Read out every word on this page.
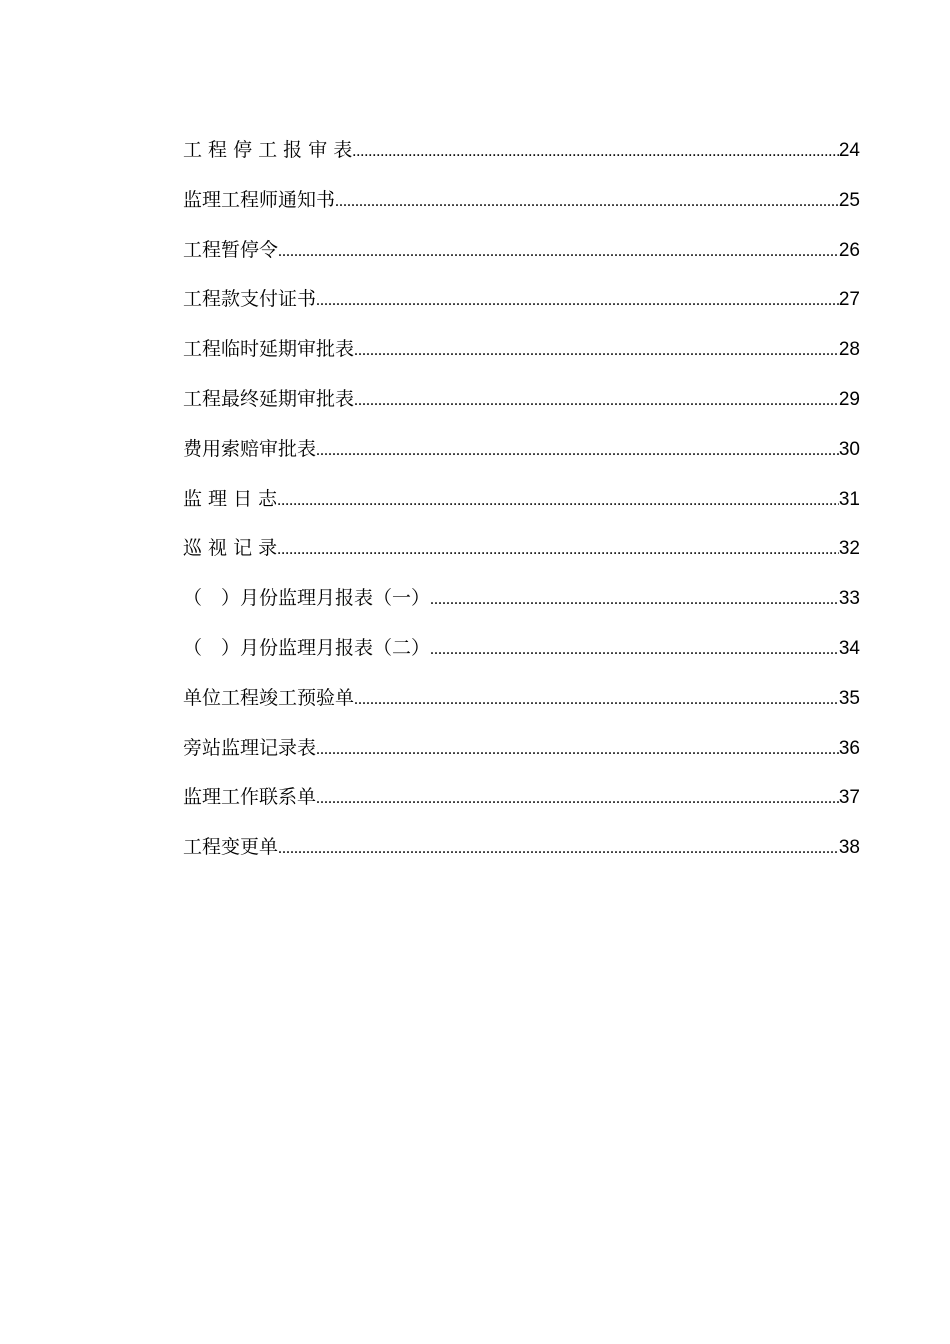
工 程 停 工 报 审 表 .....	24
监理工程师通知书 .....	25
工程暂停令 .....	26
工程款支付证书 .....	27
工程临时延期审批表 .....	28
工程最终延期审批表 .....	29
费用索赔审批表 .....	30
监 理 日 志 .....	31
巡 视 记 录 .....	32
（　）月份监理月报表（一） .....	33
（　）月份监理月报表（二） .....	34
单位工程竣工预验单 .....	35
旁站监理记录表 .....	36
监理工作联系单 .....	37
工程变更单 .....	38
